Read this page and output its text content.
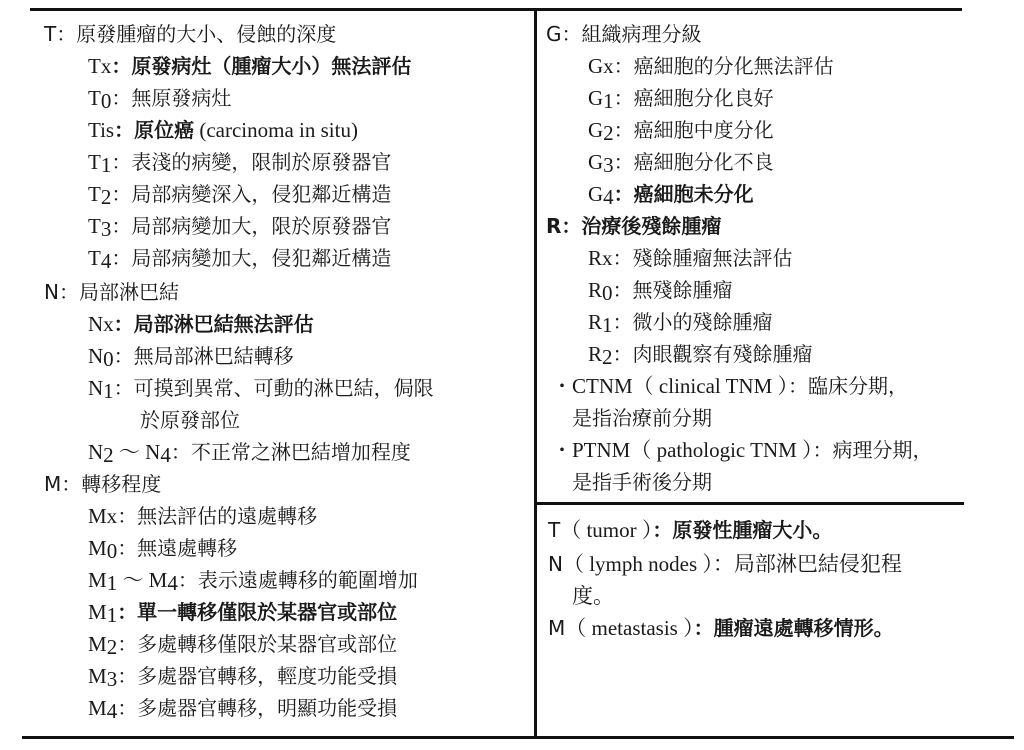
T：原發腫瘤的大小、侵蝕的深度
Tx：原發病灶（腫瘤大小）無法評估
$T_0$：無原發病灶
Tis：原位癌 (carcinoma in situ)
$T_1$：表淺的病變，限制於原發器官
$T_2$：局部病變深入，侵犯鄰近構造
$T_3$：局部病變加大，限於原發器官
$T_4$：局部病變加大，侵犯鄰近構造
N：局部淋巴結
Nx：局部淋巴結無法評估
$N_0$：無局部淋巴結轉移
$N_1$：可摸到異常、可動的淋巴結，侷限
於原發部位
$N_2$ ～ $N_4$：不正常之淋巴結增加程度
M：轉移程度
Mx：無法評估的遠處轉移
$M_0$：無遠處轉移
$M_1$ ～ $M_4$：表示遠處轉移的範圍增加
$M_1$：單一轉移僅限於某器官或部位
$M_2$：多處轉移僅限於某器官或部位
$M_3$：多處器官轉移，輕度功能受損
$M_4$：多處器官轉移，明顯功能受損
G：組織病理分級
Gx：癌細胞的分化無法評估
$G_1$：癌細胞分化良好
$G_2$：癌細胞中度分化
$G_3$：癌細胞分化不良
$G_4$：癌細胞未分化
R：治療後殘餘腫瘤
Rx：殘餘腫瘤無法評估
$R_0$：無殘餘腫瘤
$R_1$：微小的殘餘腫瘤
$R_2$：肉眼觀察有殘餘腫瘤
・CTNM（ clinical TNM ）：臨床分期，
是指治療前分期
・PTNM（ pathologic TNM ）：病理分期，
是指手術後分期
T（ tumor ）：原發性腫瘤大小。
N（ lymph nodes ）：局部淋巴結侵犯程
度。
M（ metastasis ）：腫瘤遠處轉移情形。
